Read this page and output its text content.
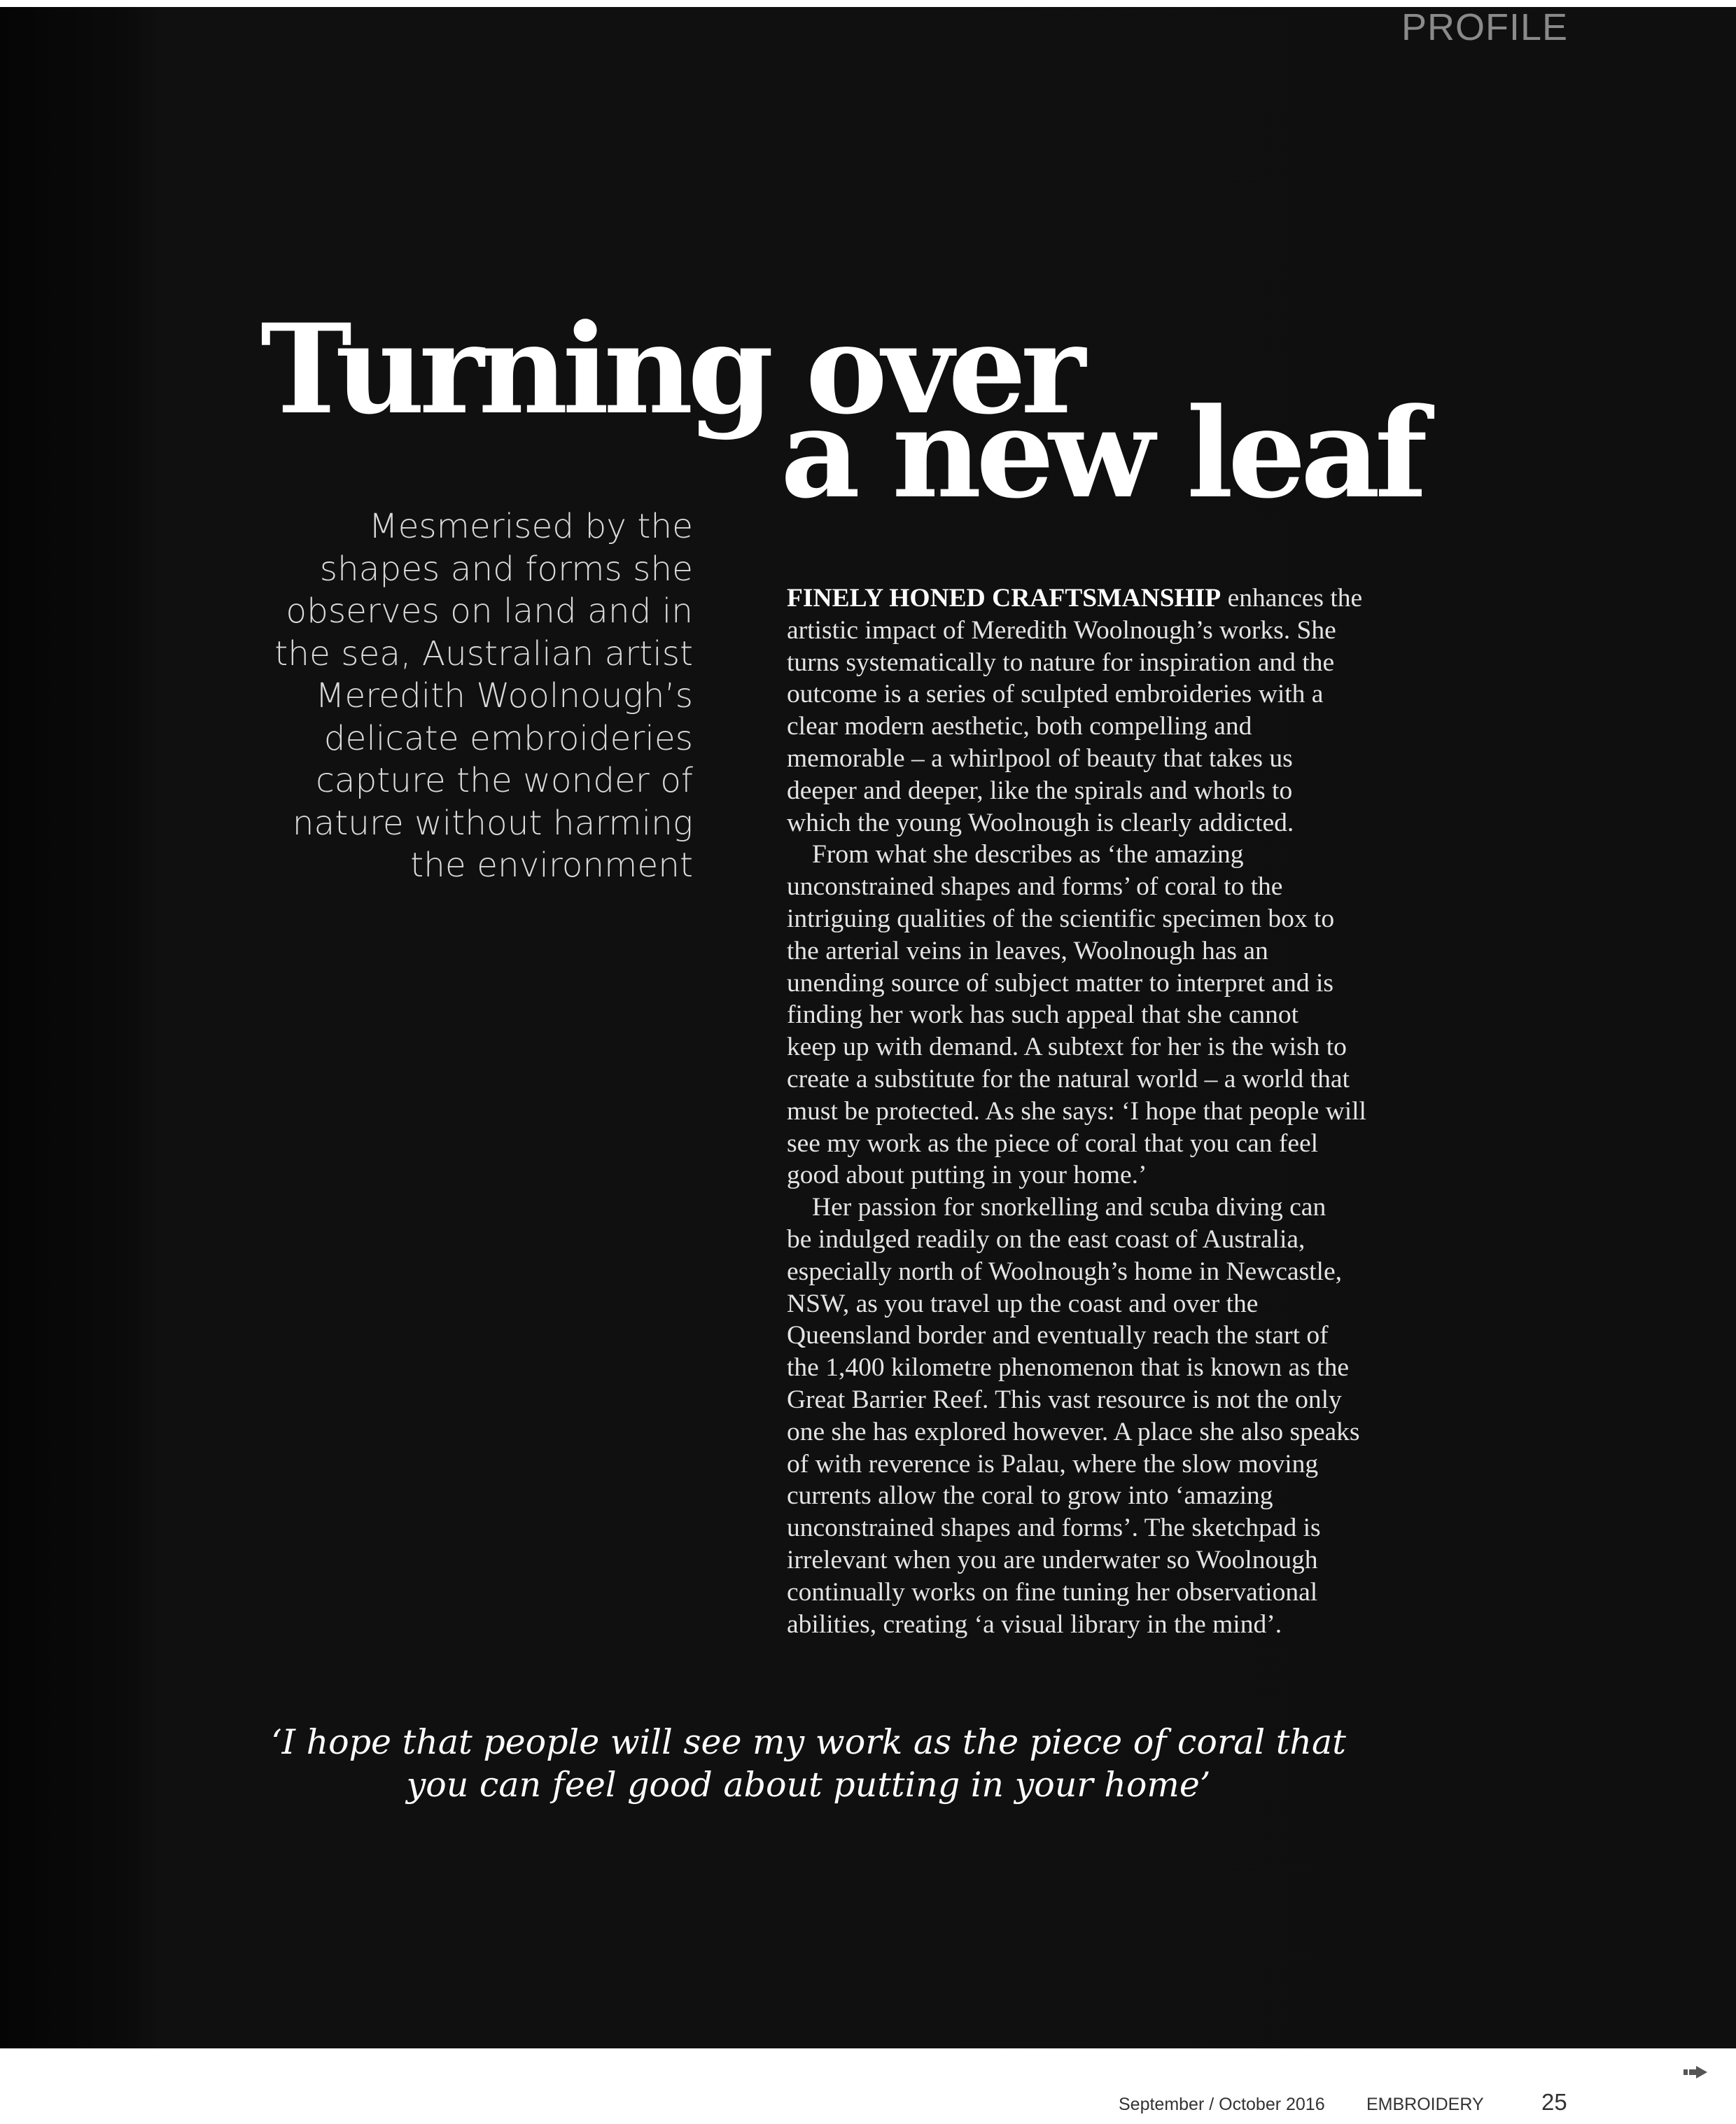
PROFILE
Turning over
a new leaf

Mesmerised by the
shapes and forms she
observes on land and in
the sea, Australian artist
Meredith Woolnough’s
delicate embroideries
capture the wonder of
nature without harming
the environment

FINELY HONED CRAFTSMANSHIP enhances the
artistic impact of Meredith Woolnough’s works. She
turns systematically to nature for inspiration and the
outcome is a series of sculpted embroideries with a
clear modern aesthetic, both compelling and
memorable – a whirlpool of beauty that takes us
deeper and deeper, like the spirals and whorls to
which the young Woolnough is clearly addicted.
From what she describes as ‘the amazing
unconstrained shapes and forms’ of coral to the
intriguing qualities of the scientific specimen box to
the arterial veins in leaves, Woolnough has an
unending source of subject matter to interpret and is
finding her work has such appeal that she cannot
keep up with demand. A subtext for her is the wish to
create a substitute for the natural world – a world that
must be protected. As she says: ‘I hope that people will
see my work as the piece of coral that you can feel
good about putting in your home.’
Her passion for snorkelling and scuba diving can
be indulged readily on the east coast of Australia,
especially north of Woolnough’s home in Newcastle,
NSW, as you travel up the coast and over the
Queensland border and eventually reach the start of
the 1,400 kilometre phenomenon that is known as the
Great Barrier Reef. This vast resource is not the only
one she has explored however. A place she also speaks
of with reverence is Palau, where the slow moving
currents allow the coral to grow into ‘amazing
unconstrained shapes and forms’. The sketchpad is
irrelevant when you are underwater so Woolnough
continually works on fine tuning her observational
abilities, creating ‘a visual library in the mind’.

‘I hope that people will see my work as the piece of coral that
you can feel good about putting in your home’

September / October 2016 EMBROIDERY 25
